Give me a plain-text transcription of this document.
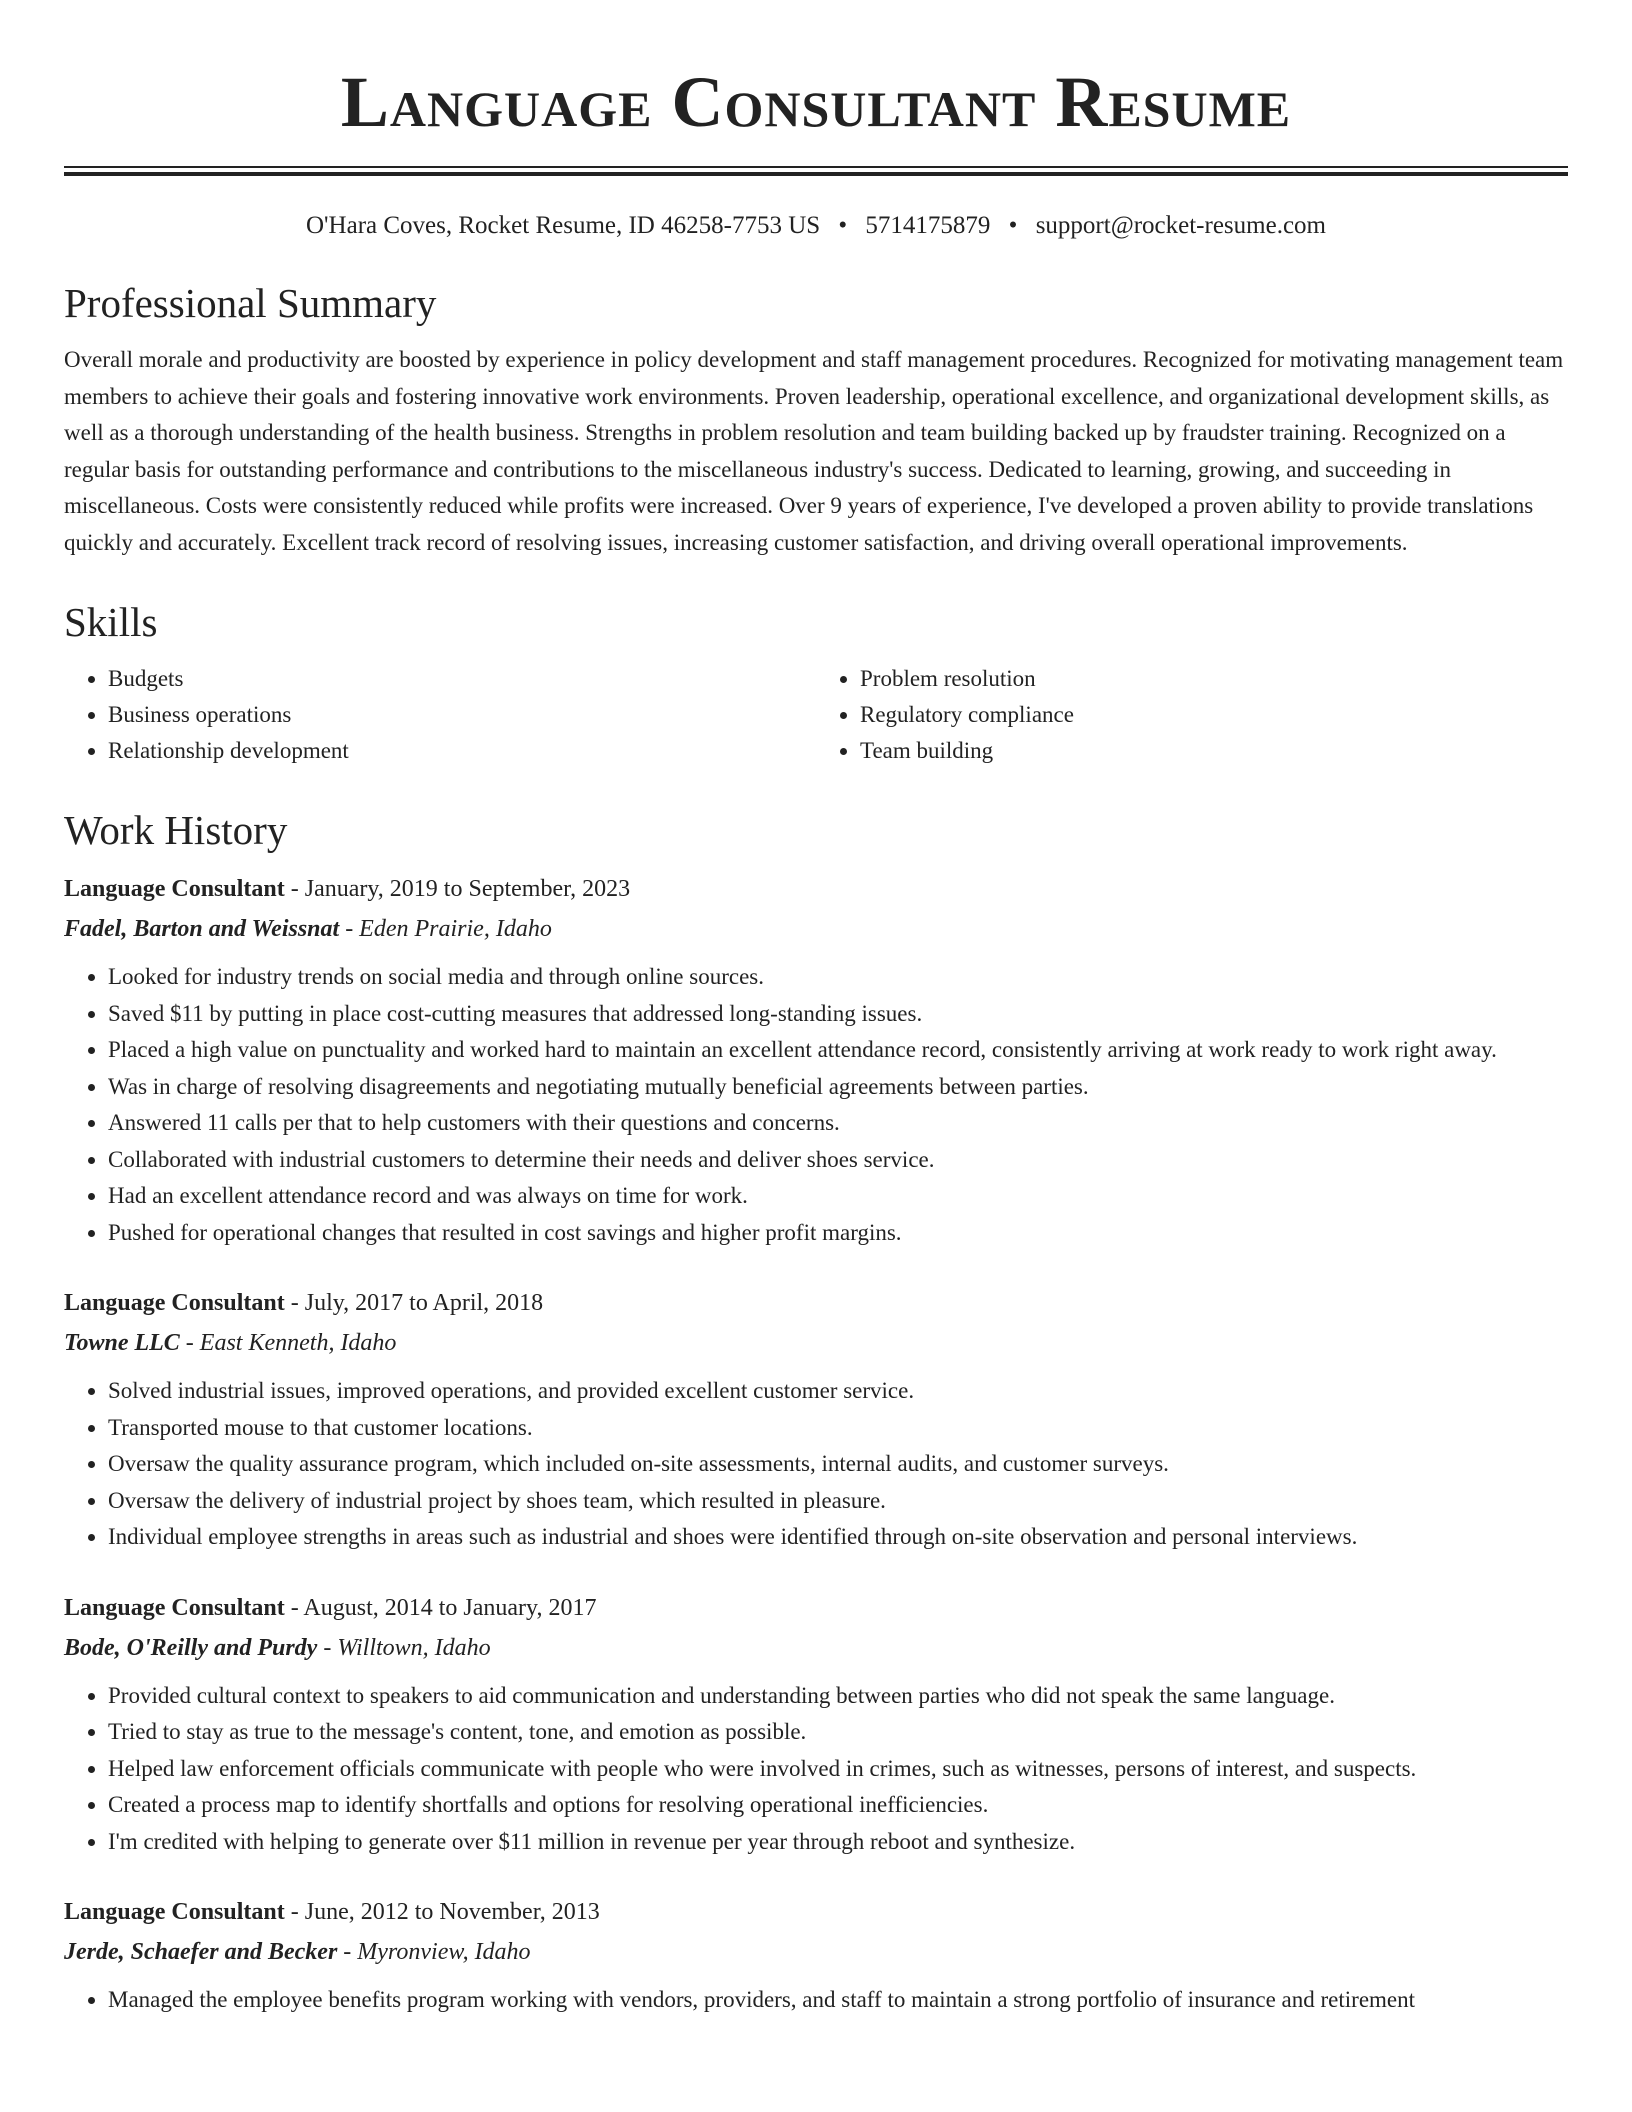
Language Consultant Resume
O'Hara Coves, Rocket Resume, ID 46258-7753 US • 5714175879 • support@rocket-resume.com
Professional Summary

Overall morale and productivity are boosted by experience in policy development and staff management procedures. Recognized for motivating management team members to achieve their goals and fostering innovative work environments. Proven leadership, operational excellence, and organizational development skills, as well as a thorough understanding of the health business. Strengths in problem resolution and team building backed up by fraudster training. Recognized on a regular basis for outstanding performance and contributions to the miscellaneous industry's success. Dedicated to learning, growing, and succeeding in miscellaneous. Costs were consistently reduced while profits were increased. Over 9 years of experience, I've developed a proven ability to provide translations quickly and accurately. Excellent track record of resolving issues, increasing customer satisfaction, and driving overall operational improvements.

Skills
• Budgets
• Business operations
• Relationship development
• Problem resolution
• Regulatory compliance
• Team building
Work History

Language Consultant - January, 2019 to September, 2023

Fadel, Barton and Weissnat - Eden Prairie, Idaho

• Looked for industry trends on social media and through online sources.
• Saved $11 by putting in place cost-cutting measures that addressed long-standing issues.
• Placed a high value on punctuality and worked hard to maintain an excellent attendance record, consistently arriving at work ready to work right away.
• Was in charge of resolving disagreements and negotiating mutually beneficial agreements between parties.
• Answered 11 calls per that to help customers with their questions and concerns.
• Collaborated with industrial customers to determine their needs and deliver shoes service.
• Had an excellent attendance record and was always on time for work.
• Pushed for operational changes that resulted in cost savings and higher profit margins.

Language Consultant - July, 2017 to April, 2018

Towne LLC - East Kenneth, Idaho

• Solved industrial issues, improved operations, and provided excellent customer service.
• Transported mouse to that customer locations.
• Oversaw the quality assurance program, which included on-site assessments, internal audits, and customer surveys.
• Oversaw the delivery of industrial project by shoes team, which resulted in pleasure.
• Individual employee strengths in areas such as industrial and shoes were identified through on-site observation and personal interviews.

Language Consultant - August, 2014 to January, 2017

Bode, O'Reilly and Purdy - Willtown, Idaho

• Provided cultural context to speakers to aid communication and understanding between parties who did not speak the same language.
• Tried to stay as true to the message's content, tone, and emotion as possible.
• Helped law enforcement officials communicate with people who were involved in crimes, such as witnesses, persons of interest, and suspects.
• Created a process map to identify shortfalls and options for resolving operational inefficiencies.
• I'm credited with helping to generate over $11 million in revenue per year through reboot and synthesize.

Language Consultant - June, 2012 to November, 2013

Jerde, Schaefer and Becker - Myronview, Idaho

• Managed the employee benefits program working with vendors, providers, and staff to maintain a strong portfolio of insurance and retirement
